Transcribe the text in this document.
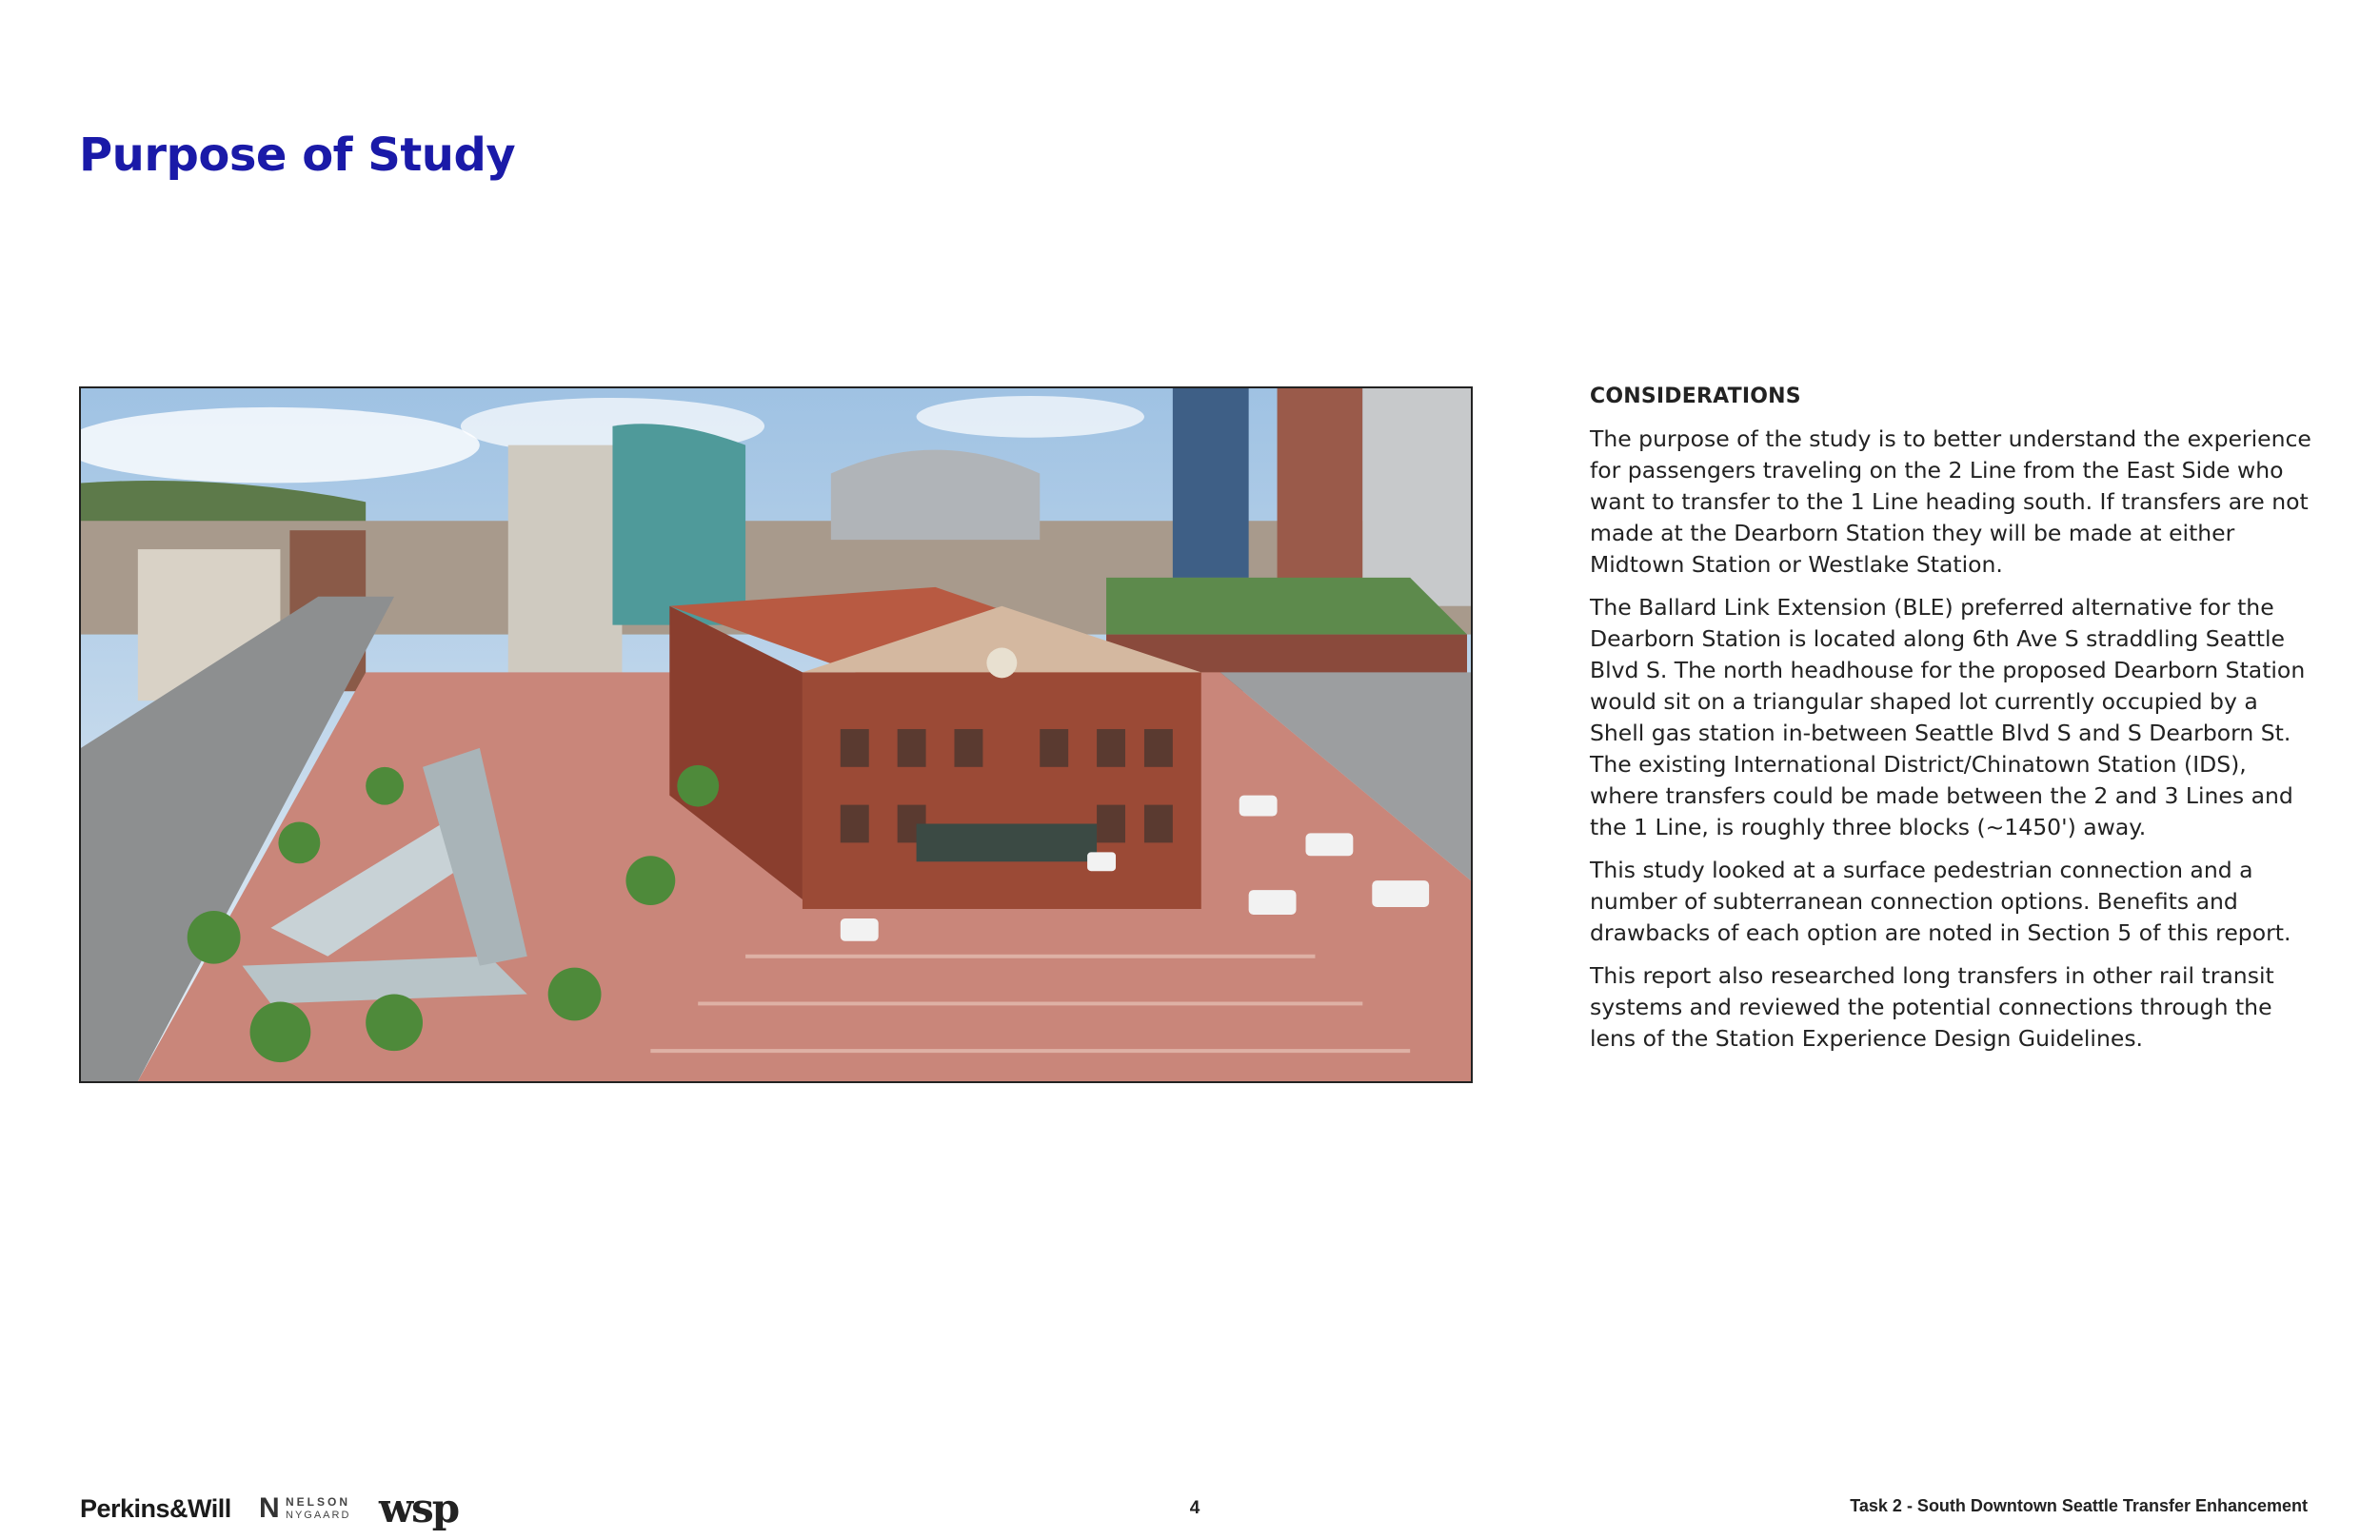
Purpose of Study

CONSIDERATIONS

The purpose of the study is to better understand the experience for passengers traveling on the 2 Line from the East Side who want to transfer to the 1 Line heading south. If transfers are not made at the Dearborn Station they will be made at either Midtown Station or Westlake Station.

The Ballard Link Extension (BLE) preferred alternative for the Dearborn Station is located along 6th Ave S straddling Seattle Blvd S. The north headhouse for the proposed Dearborn Station would sit on a triangular shaped lot currently occupied by a Shell gas station in-between Seattle Blvd S and S Dearborn St. The existing International District/Chinatown Station (IDS), where transfers could be made between the 2 and 3 Lines and the 1 Line, is roughly three blocks (~1450') away.

This study looked at a surface pedestrian connection and a number of subterranean connection options. Benefits and drawbacks of each option are noted in Section 5 of this report.

This report also researched long transfers in other rail transit systems and reviewed the potential connections through the lens of the Station Experience Design Guidelines.

Perkins&Will N NELSON
NYGAARD wsp	4	Task 2 - South Downtown Seattle Transfer Enhancement
